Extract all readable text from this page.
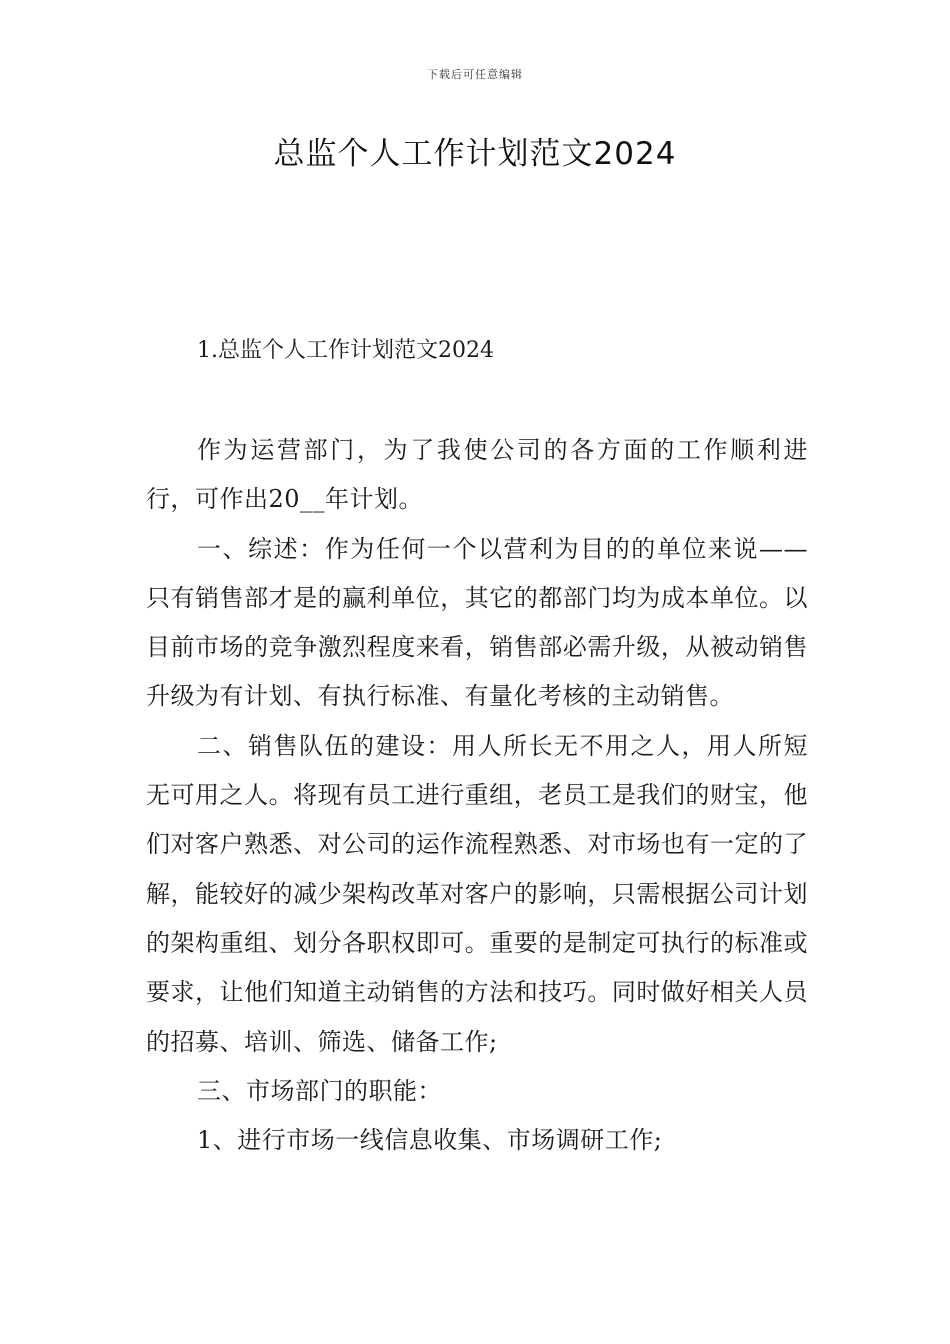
下载后可任意编辑
总监个人工作计划范文2024
1.总监个人工作计划范文2024

作为运营部门，为了我使公司的各方面的工作顺利进行，可作出20__年计划。

一、综述：作为任何一个以营利为目的的单位来说——只有销售部才是的赢利单位，其它的都部门均为成本单位。以目前市场的竞争激烈程度来看，销售部必需升级，从被动销售升级为有计划、有执行标准、有量化考核的主动销售。

二、销售队伍的建设：用人所长无不用之人，用人所短无可用之人。将现有员工进行重组，老员工是我们的财宝，他们对客户熟悉、对公司的运作流程熟悉、对市场也有一定的了解，能较好的减少架构改革对客户的影响，只需根据公司计划的架构重组、划分各职权即可。重要的是制定可执行的标准或要求，让他们知道主动销售的方法和技巧。同时做好相关人员的招募、培训、筛选、储备工作;

三、市场部门的职能：

1、进行市场一线信息收集、市场调研工作;
